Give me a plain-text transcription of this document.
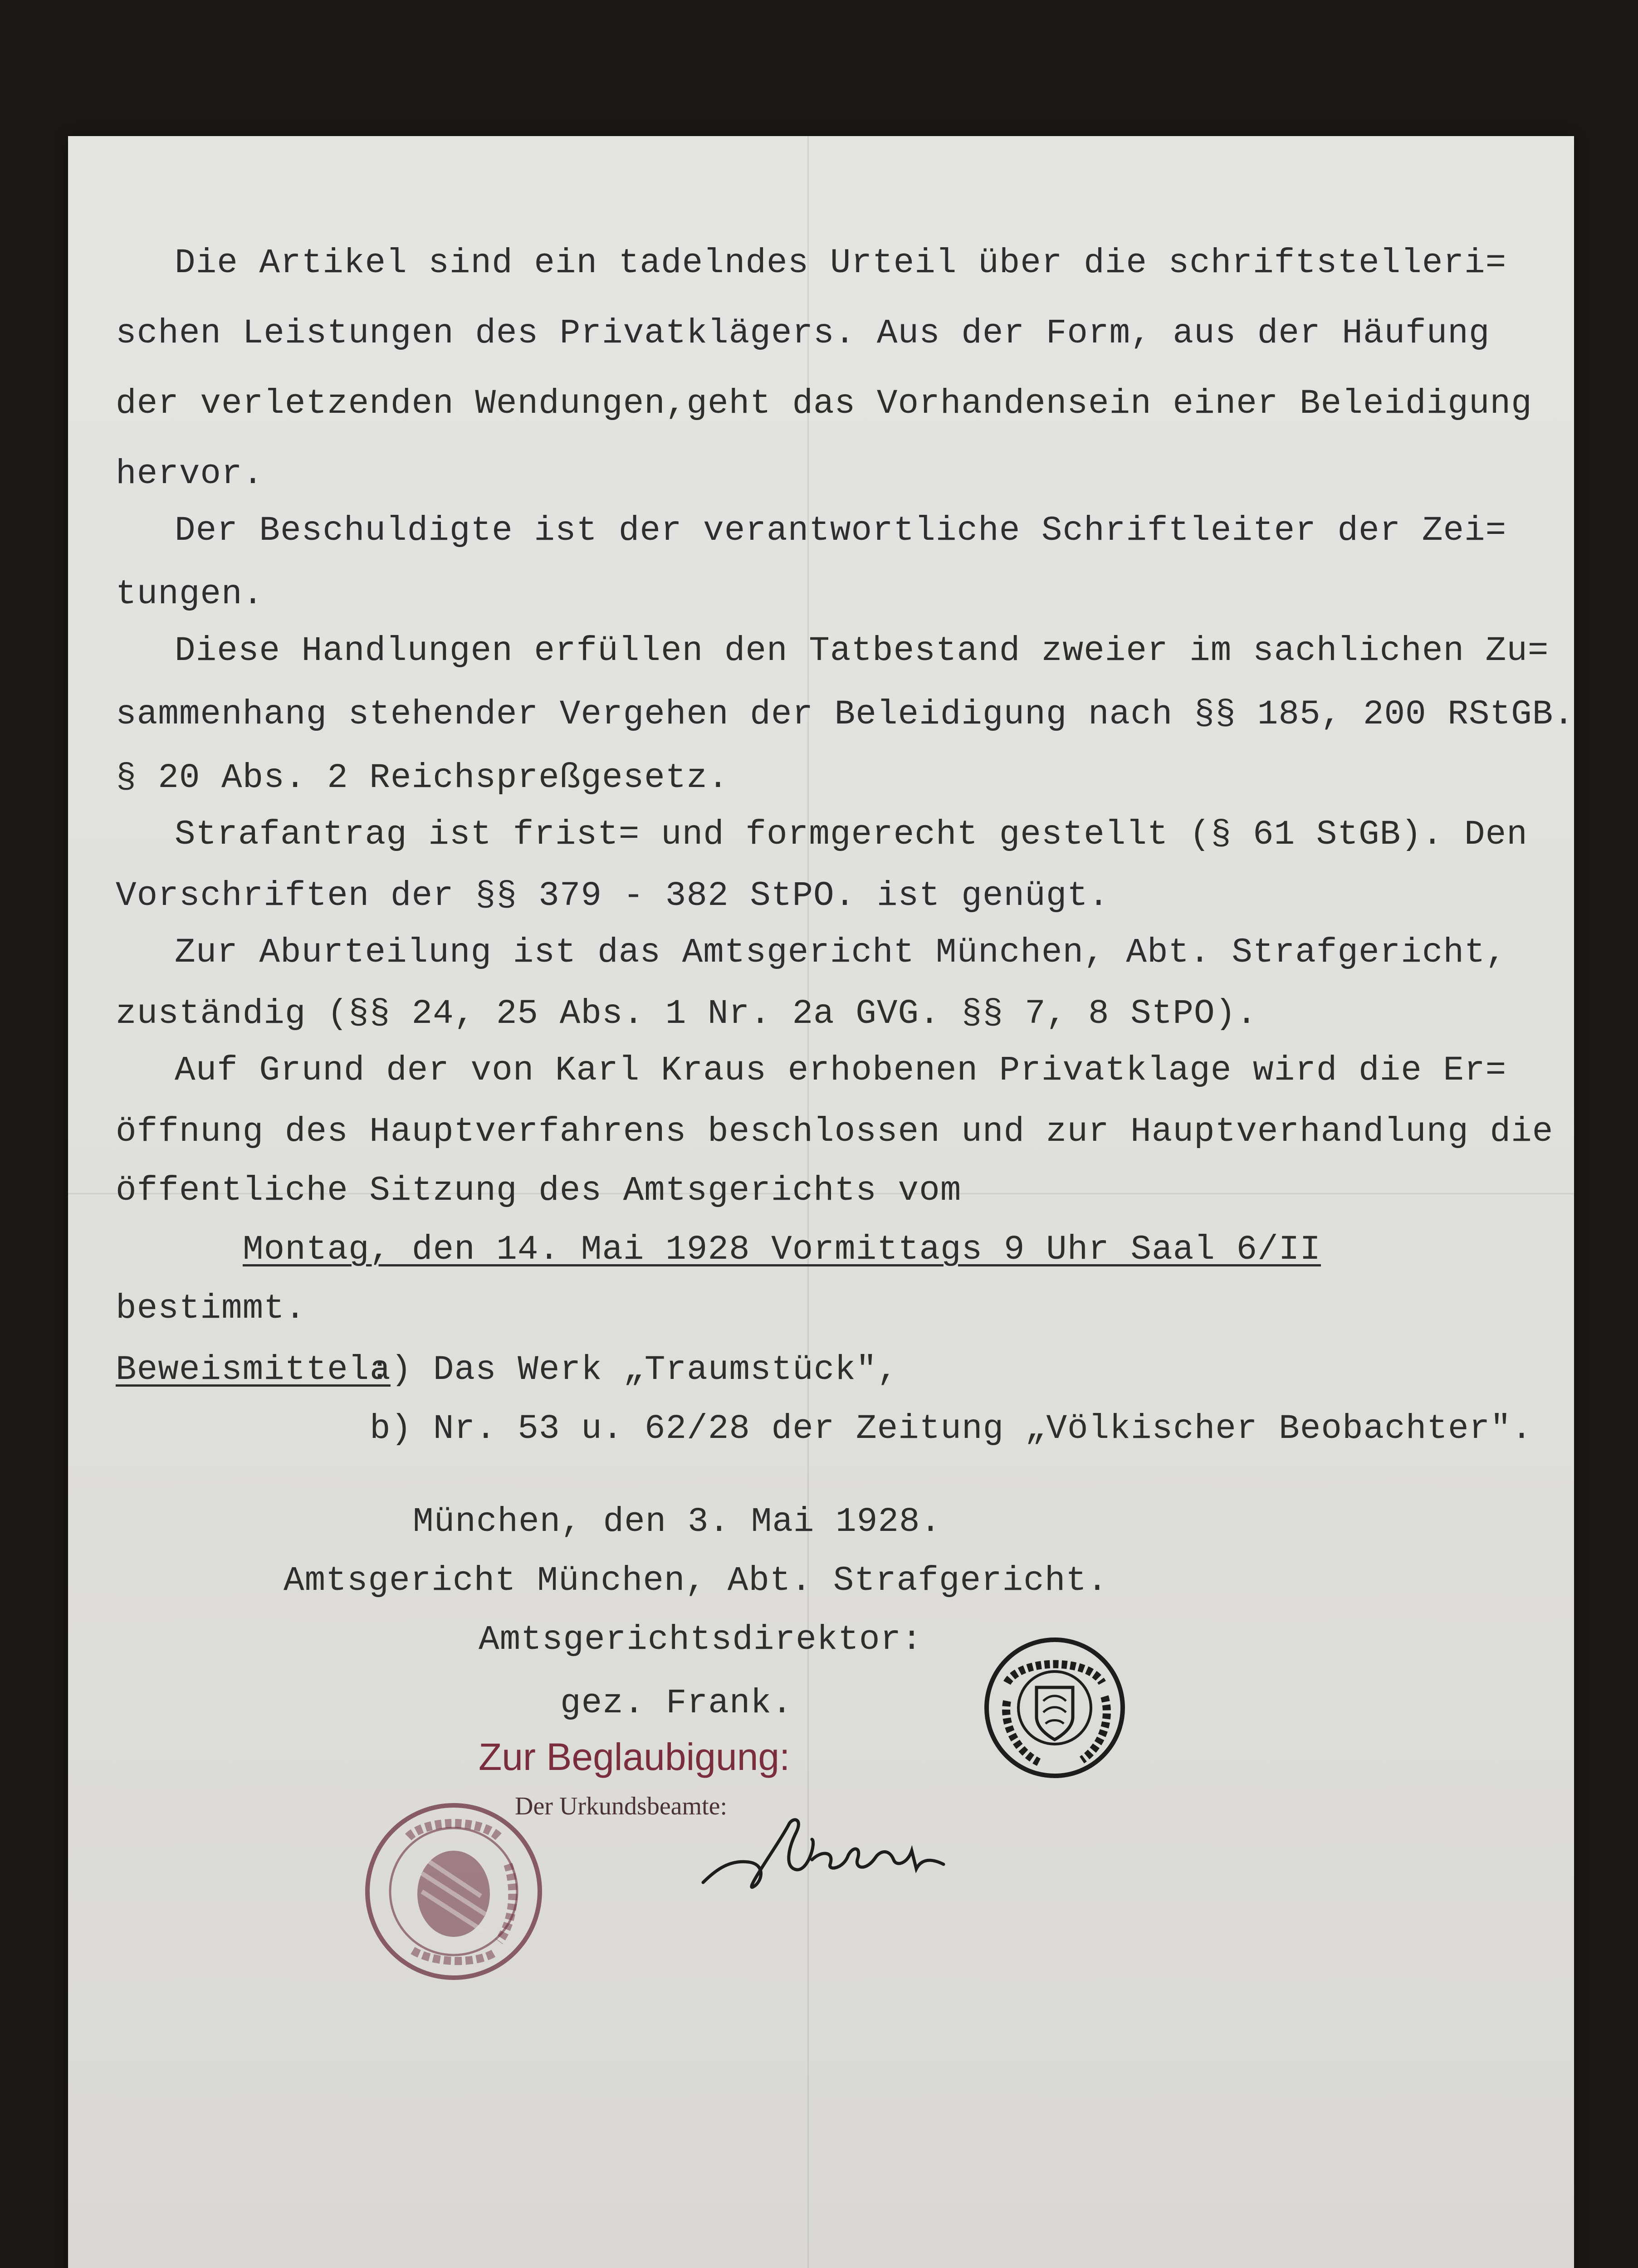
Die Artikel sind ein tadelndes Urteil über die schriftstelleri=
schen Leistungen des Privatklägers. Aus der Form, aus der Häufung
der verletzenden Wendungen,geht das Vorhandensein einer Beleidigung
hervor.
Der Beschuldigte ist der verantwortliche Schriftleiter der Zei=
tungen.
Diese Handlungen erfüllen den Tatbestand zweier im sachlichen Zu=
sammenhang stehender Vergehen der Beleidigung nach §§ 185, 200 RStGB.
§ 20 Abs. 2 Reichspreßgesetz.
Strafantrag ist frist= und formgerecht gestellt (§ 61 StGB). Den
Vorschriften der §§ 379 - 382 StPO. ist genügt.
Zur Aburteilung ist das Amtsgericht München, Abt. Strafgericht,
zuständig (§§ 24, 25 Abs. 1 Nr. 2a GVG. §§ 7, 8 StPO).
Auf Grund der von Karl Kraus erhobenen Privatklage wird die Er=
öffnung des Hauptverfahrens beschlossen und zur Hauptverhandlung die
öffentliche Sitzung des Amtsgerichts vom
Montag, den 14. Mai 1928 Vormittags 9 Uhr Saal 6/II
bestimmt.
Beweismittel:
a) Das Werk „Traumstück",
b) Nr. 53 u. 62/28 der Zeitung „Völkischer Beobachter".
München, den 3. Mai 1928.
Amtsgericht München, Abt. Strafgericht.
Amtsgerichtsdirektor:
gez. Frank.
Zur Beglaubigung:
Der Urkundsbeamte:
